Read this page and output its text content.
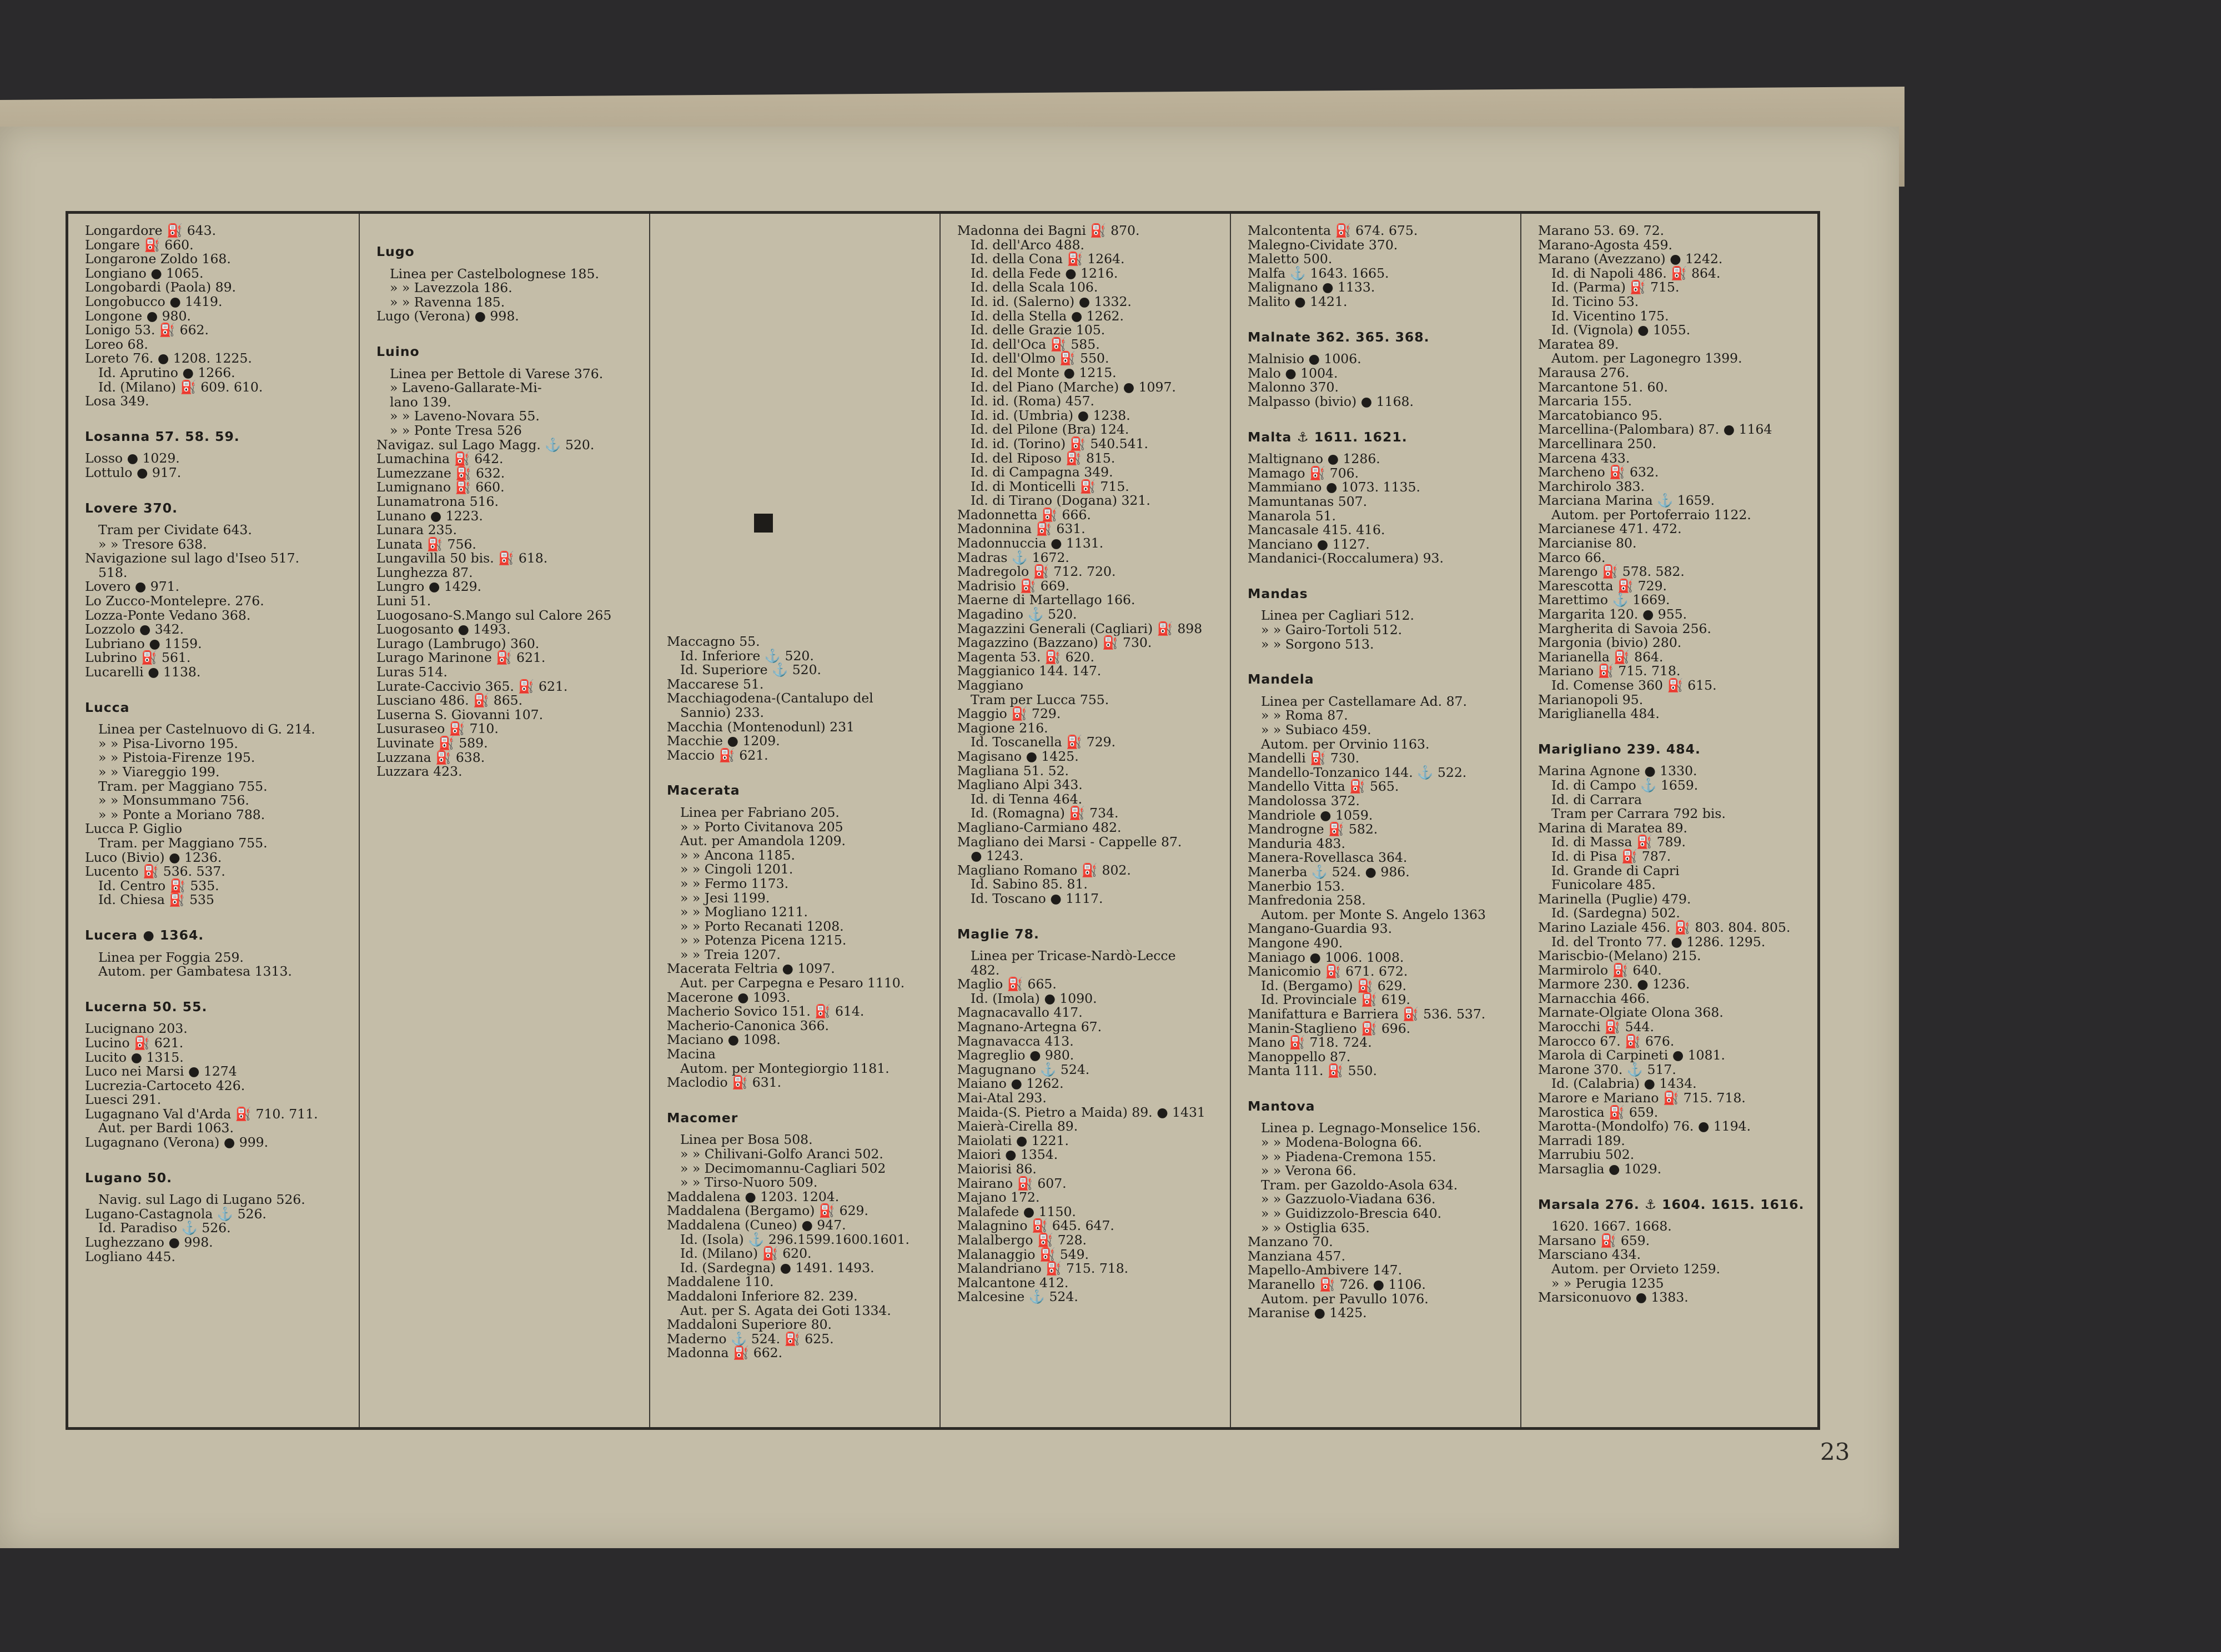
Longardore ⛽ 643.
Longare ⛽ 660.
Longarone Zoldo 168.
Longiano ● 1065.
Longobardi (Paola) 89.
Longobucco ● 1419.
Longone ● 980.
Lonigo 53. ⛽ 662.
Loreo 68.
Loreto 76. ● 1208. 1225.
Id. Aprutino ● 1266.
Id. (Milano) ⛽ 609. 610.
Losa 349.
Losanna 57. 58. 59.
Losso ● 1029.
Lottulo ● 917.
Lovere 370.
Tram per Cividate 643.
» » Tresore 638.
Navigazione sul lago d'Iseo 517.
518.
Lovero ● 971.
Lo Zucco-Montelepre. 276.
Lozza-Ponte Vedano 368.
Lozzolo ● 342.
Lubriano ● 1159.
Lubrino ⛽ 561.
Lucarelli ● 1138.
Lucca
Linea per Castelnuovo di G. 214.
» » Pisa-Livorno 195.
» » Pistoia-Firenze 195.
» » Viareggio 199.
Tram. per Maggiano 755.
» » Monsummano 756.
» » Ponte a Moriano 788.
Lucca P. Giglio
Tram. per Maggiano 755.
Luco (Bivio) ● 1236.
Lucento ⛽ 536. 537.
Id. Centro ⛽ 535.
Id. Chiesa ⛽ 535
Lucera ● 1364.
Linea per Foggia 259.
Autom. per Gambatesa 1313.
Lucerna 50. 55.
Lucignano 203.
Lucino ⛽ 621.
Lucito ● 1315.
Luco nei Marsi ● 1274
Lucrezia-Cartoceto 426.
Luesci 291.
Lugagnano Val d'Arda ⛽ 710. 711.
Aut. per Bardi 1063.
Lugagnano (Verona) ● 999.
Lugano 50.
Navig. sul Lago di Lugano 526.
Lugano-Castagnola ⚓ 526.
Id. Paradiso ⚓ 526.
Lughezzano ● 998.
Logliano 445.
Lugo
Linea per Castelbolognese 185.
» » Lavezzola 186.
» » Ravenna 185.
Lugo (Verona) ● 998.
Luino
Linea per Bettole di Varese 376.
» Laveno-Gallarate-Mi-
lano 139.
» » Laveno-Novara 55.
» » Ponte Tresa 526
Navigaz. sul Lago Magg. ⚓ 520.
Lumachina ⛽ 642.
Lumezzane ⛽ 632.
Lumignano ⛽ 660.
Lunamatrona 516.
Lunano ● 1223.
Lunara 235.
Lunata ⛽ 756.
Lungavilla 50 bis. ⛽ 618.
Lunghezza 87.
Lungro ● 1429.
Luni 51.
Luogosano-S.Mango sul Calore 265
Luogosanto ● 1493.
Lurago (Lambrugo) 360.
Lurago Marinone ⛽ 621.
Luras 514.
Lurate-Caccivio 365. ⛽ 621.
Lusciano 486. ⛽ 865.
Luserna S. Giovanni 107.
Lusuraseo ⛽ 710.
Luvinate ⛽ 589.
Luzzana ⛽ 638.
Luzzara 423.
Maccagno 55.
Id. Inferiore ⚓ 520.
Id. Superiore ⚓ 520.
Maccarese 51.
Macchiagodena-(Cantalupo del
Sannio) 233.
Macchia (Montenodunl) 231
Macchie ● 1209.
Maccio ⛽ 621.
Macerata
Linea per Fabriano 205.
» » Porto Civitanova 205
Aut. per Amandola 1209.
» » Ancona 1185.
» » Cingoli 1201.
» » Fermo 1173.
» » Jesi 1199.
» » Mogliano 1211.
» » Porto Recanati 1208.
» » Potenza Picena 1215.
» » Treia 1207.
Macerata Feltria ● 1097.
Aut. per Carpegna e Pesaro 1110.
Macerone ● 1093.
Macherio Sovico 151. ⛽ 614.
Macherio-Canonica 366.
Maciano ● 1098.
Macina
Autom. per Montegiorgio 1181.
Maclodio ⛽ 631.
Macomer
Linea per Bosa 508.
» » Chilivani-Golfo Aranci 502.
» » Decimomannu-Cagliari 502
» » Tirso-Nuoro 509.
Maddalena ● 1203. 1204.
Maddalena (Bergamo) ⛽ 629.
Maddalena (Cuneo) ● 947.
Id. (Isola) ⚓ 296.1599.1600.1601.
Id. (Milano) ⛽ 620.
Id. (Sardegna) ● 1491. 1493.
Maddalene 110.
Maddaloni Inferiore 82. 239.
Aut. per S. Agata dei Goti 1334.
Maddaloni Superiore 80.
Maderno ⚓ 524. ⛽ 625.
Madonna ⛽ 662.
Madonna dei Bagni ⛽ 870.
Id. dell'Arco 488.
Id. della Cona ⛽ 1264.
Id. della Fede ● 1216.
Id. della Scala 106.
Id. id. (Salerno) ● 1332.
Id. della Stella ● 1262.
Id. delle Grazie 105.
Id. dell'Oca ⛽ 585.
Id. dell'Olmo ⛽ 550.
Id. del Monte ● 1215.
Id. del Piano (Marche) ● 1097.
Id. id. (Roma) 457.
Id. id. (Umbria) ● 1238.
Id. del Pilone (Bra) 124.
Id. id. (Torino) ⛽ 540.541.
Id. del Riposo ⛽ 815.
Id. di Campagna 349.
Id. di Monticelli ⛽ 715.
Id. di Tirano (Dogana) 321.
Madonnetta ⛽ 666.
Madonnina ⛽ 631.
Madonnuccia ● 1131.
Madras ⚓ 1672.
Madregolo ⛽ 712. 720.
Madrisio ⛽ 669.
Maerne di Martellago 166.
Magadino ⚓ 520.
Magazzini Generali (Cagliari) ⛽ 898
Magazzino (Bazzano) ⛽ 730.
Magenta 53. ⛽ 620.
Maggianico 144. 147.
Maggiano
Tram per Lucca 755.
Maggio ⛽ 729.
Magione 216.
Id. Toscanella ⛽ 729.
Magisano ● 1425.
Magliana 51. 52.
Magliano Alpi 343.
Id. di Tenna 464.
Id. (Romagna) ⛽ 734.
Magliano-Carmiano 482.
Magliano dei Marsi - Cappelle 87.
● 1243.
Magliano Romano ⛽ 802.
Id. Sabino 85. 81.
Id. Toscano ● 1117.
Maglie 78.
Linea per Tricase-Nardò-Lecce
482.
Maglio ⛽ 665.
Id. (Imola) ● 1090.
Magnacavallo 417.
Magnano-Artegna 67.
Magnavacca 413.
Magreglio ● 980.
Magugnano ⚓ 524.
Maiano ● 1262.
Mai-Atal 293.
Maida-(S. Pietro a Maida) 89. ● 1431
Maierà-Cirella 89.
Maiolati ● 1221.
Maiori ● 1354.
Maiorisi 86.
Mairano ⛽ 607.
Majano 172.
Malafede ● 1150.
Malagnino ⛽ 645. 647.
Malalbergo ⛽ 728.
Malanaggio ⛽ 549.
Malandriano ⛽ 715. 718.
Malcantone 412.
Malcesine ⚓ 524.
Malcontenta ⛽ 674. 675.
Malegno-Cividate 370.
Maletto 500.
Malfa ⚓ 1643. 1665.
Malignano ● 1133.
Malito ● 1421.
Malnate 362. 365. 368.
Malnisio ● 1006.
Malo ● 1004.
Malonno 370.
Malpasso (bivio) ● 1168.
Malta ⚓ 1611. 1621.
Maltignano ● 1286.
Mamago ⛽ 706.
Mammiano ● 1073. 1135.
Mamuntanas 507.
Manarola 51.
Mancasale 415. 416.
Manciano ● 1127.
Mandanici-(Roccalumera) 93.
Mandas
Linea per Cagliari 512.
» » Gairo-Tortoli 512.
» » Sorgono 513.
Mandela
Linea per Castellamare Ad. 87.
» » Roma 87.
» » Subiaco 459.
Autom. per Orvinio 1163.
Mandelli ⛽ 730.
Mandello-Tonzanico 144. ⚓ 522.
Mandello Vitta ⛽ 565.
Mandolossa 372.
Mandriole ● 1059.
Mandrogne ⛽ 582.
Manduria 483.
Manera-Rovellasca 364.
Manerba ⚓ 524. ● 986.
Manerbio 153.
Manfredonia 258.
Autom. per Monte S. Angelo 1363
Mangano-Guardia 93.
Mangone 490.
Maniago ● 1006. 1008.
Manicomio ⛽ 671. 672.
Id. (Bergamo) ⛽ 629.
Id. Provinciale ⛽ 619.
Manifattura e Barriera ⛽ 536. 537.
Manin-Staglieno ⛽ 696.
Mano ⛽ 718. 724.
Manoppello 87.
Manta 111. ⛽ 550.
Mantova
Linea p. Legnago-Monselice 156.
» » Modena-Bologna 66.
» » Piadena-Cremona 155.
» » Verona 66.
Tram. per Gazoldo-Asola 634.
» » Gazzuolo-Viadana 636.
» » Guidizzolo-Brescia 640.
» » Ostiglia 635.
Manzano 70.
Manziana 457.
Mapello-Ambivere 147.
Maranello ⛽ 726. ● 1106.
Autom. per Pavullo 1076.
Maranise ● 1425.
Marano 53. 69. 72.
Marano-Agosta 459.
Marano (Avezzano) ● 1242.
Id. di Napoli 486. ⛽ 864.
Id. (Parma) ⛽ 715.
Id. Ticino 53.
Id. Vicentino 175.
Id. (Vignola) ● 1055.
Maratea 89.
Autom. per Lagonegro 1399.
Marausa 276.
Marcantone 51. 60.
Marcaria 155.
Marcatobianco 95.
Marcellina-(Palombara) 87. ● 1164
Marcellinara 250.
Marcena 433.
Marcheno ⛽ 632.
Marchirolo 383.
Marciana Marina ⚓ 1659.
Autom. per Portoferraio 1122.
Marcianese 471. 472.
Marcianise 80.
Marco 66.
Marengo ⛽ 578. 582.
Marescotta ⛽ 729.
Marettimo ⚓ 1669.
Margarita 120. ● 955.
Margherita di Savoia 256.
Margonia (bivio) 280.
Marianella ⛽ 864.
Mariano ⛽ 715. 718.
Id. Comense 360 ⛽ 615.
Marianopoli 95.
Mariglianella 484.
Marigliano 239. 484.
Marina Agnone ● 1330.
Id. di Campo ⚓ 1659.
Id. di Carrara
Tram per Carrara 792 bis.
Marina di Maratea 89.
Id. di Massa ⛽ 789.
Id. di Pisa ⛽ 787.
Id. Grande di Capri
Funicolare 485.
Marinella (Puglie) 479.
Id. (Sardegna) 502.
Marino Laziale 456. ⛽ 803. 804. 805.
Id. del Tronto 77. ● 1286. 1295.
Mariscbio-(Melano) 215.
Marmirolo ⛽ 640.
Marmore 230. ● 1236.
Marnacchia 466.
Marnate-Olgiate Olona 368.
Marocchi ⛽ 544.
Marocco 67. ⛽ 676.
Marola di Carpineti ● 1081.
Marone 370. ⚓ 517.
Id. (Calabria) ● 1434.
Marore e Mariano ⛽ 715. 718.
Marostica ⛽ 659.
Marotta-(Mondolfo) 76. ● 1194.
Marradi 189.
Marrubiu 502.
Marsaglia ● 1029.
Marsala 276. ⚓ 1604. 1615. 1616.
1620. 1667. 1668.
Marsano ⛽ 659.
Marsciano 434.
Autom. per Orvieto 1259.
» » Perugia 1235
Marsiconuovo ● 1383.
23
